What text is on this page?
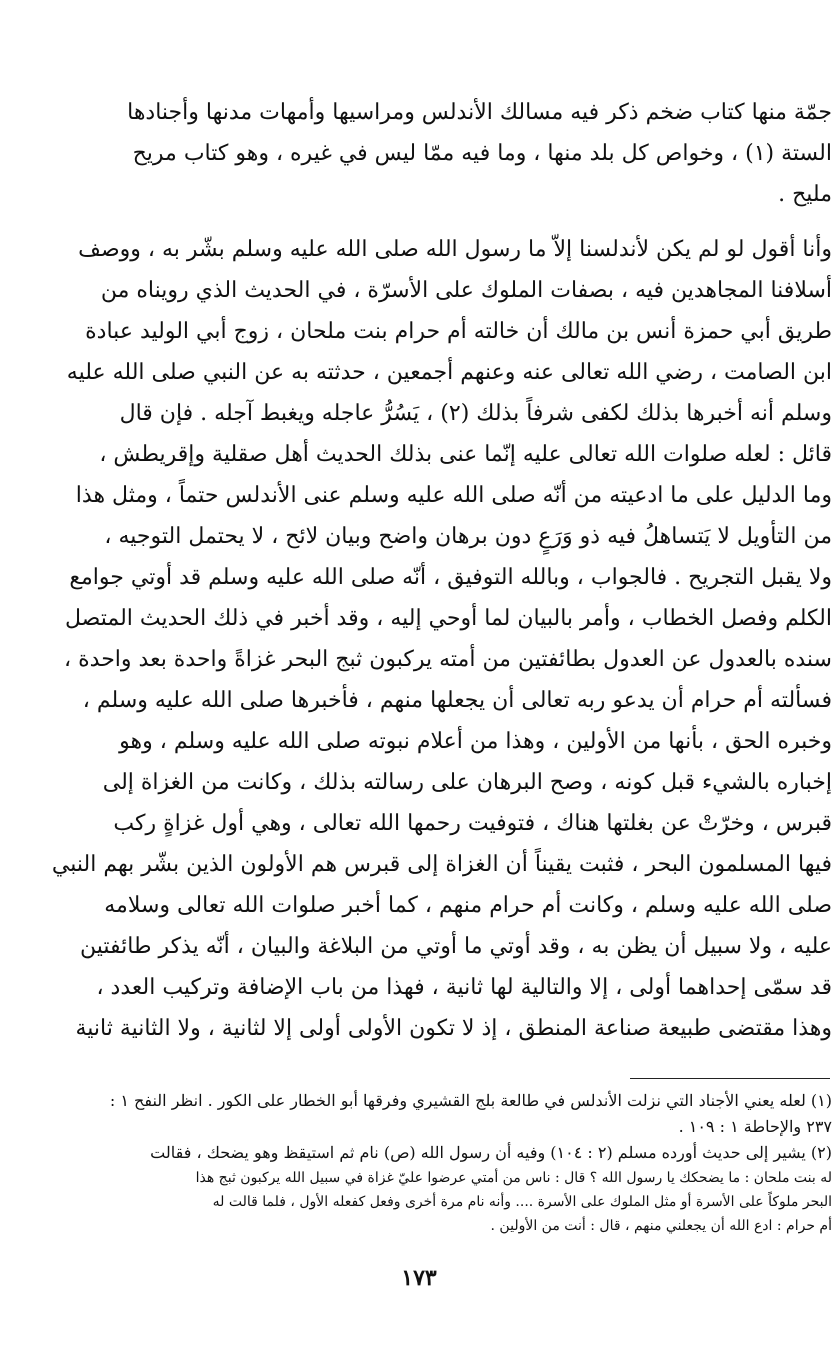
جمّة منها كتاب ضخم ذكر فيه مسالك الأندلس ومراسيها وأمهات مدنها وأجنادها
الستة (١) ، وخواص كل بلد منها ، وما فيه ممّا ليس في غيره ، وهو كتاب مريح
مليح .
وأنا أقول لو لم يكن لأندلسنا إلاّ ما رسول الله صلى الله عليه وسلم بشّر به ، ووصف
أسلافنا المجاهدين فيه ، بصفات الملوك على الأسرّة ، في الحديث الذي رويناه من
طريق أبي حمزة أنس بن مالك أن خالته أم حرام بنت ملحان ، زوج أبي الوليد عبادة
ابن الصامت ، رضي الله تعالى عنه وعنهم أجمعين ، حدثته به عن النبي صلى الله عليه
وسلم أنه أخبرها بذلك لكفى شرفاً بذلك (٢) ، يَسُرُّ عاجله ويغبط آجله . فإن قال
قائل : لعله صلوات الله تعالى عليه إنّما عنى بذلك الحديث أهل صقلية وإقريطش ،
وما الدليل على ما ادعيته من أنّه صلى الله عليه وسلم عنى الأندلس حتماً ، ومثل هذا
من التأويل لا يَتساهلُ فيه ذو وَرَعٍ دون برهان واضح وبيان لائح ، لا يحتمل التوجيه ،
ولا يقبل التجريح . فالجواب ، وبالله التوفيق ، أنّه صلى الله عليه وسلم قد أوتي جوامع
الكلم وفصل الخطاب ، وأمر بالبيان لما أوحي إليه ، وقد أخبر في ذلك الحديث المتصل
سنده بالعدول عن العدول بطائفتين من أمته يركبون ثبج البحر غزاةً واحدة بعد واحدة ،
فسألته أم حرام أن يدعو ربه تعالى أن يجعلها منهم ، فأخبرها صلى الله عليه وسلم ،
وخبره الحق ، بأنها من الأولين ، وهذا من أعلام نبوته صلى الله عليه وسلم ، وهو
إخباره بالشيء قبل كونه ، وصح البرهان على رسالته بذلك ، وكانت من الغزاة إلى
قبرس ، وخرّتْ عن بغلتها هناك ، فتوفيت رحمها الله تعالى ، وهي أول غزاةٍ ركب
فيها المسلمون البحر ، فثبت يقيناً أن الغزاة إلى قبرس هم الأولون الذين بشّر بهم النبي
صلى الله عليه وسلم ، وكانت أم حرام منهم ، كما أخبر صلوات الله تعالى وسلامه
عليه ، ولا سبيل أن يظن به ، وقد أوتي ما أوتي من البلاغة والبيان ، أنّه يذكر طائفتين
قد سمّى إحداهما أولى ، إلا والتالية لها ثانية ، فهذا من باب الإضافة وتركيب العدد ،
وهذا مقتضى طبيعة صناعة المنطق ، إذ لا تكون الأولى أولى إلا لثانية ، ولا الثانية ثانية
(١) لعله يعني الأجناد التي نزلت الأندلس في طالعة بلج القشيري وفرقها أبو الخطار على الكور . انظر النفح ١ :
٢٣٧ والإحاطة ١ : ١٠٩ .
(٢) يشير إلى حديث أورده مسلم (٢ : ١٠٤) وفيه أن رسول الله (ص) نام ثم استيقظ وهو يضحك ، فقالت
له بنت ملحان : ما يضحكك يا رسول الله ؟ قال : ناس من أمتي عرضوا عليّ غزاة في سبيل الله يركبون ثبج هذا
البحر ملوكاً على الأسرة أو مثل الملوك على الأسرة .... وأنه نام مرة أخرى وفعل كفعله الأول ، فلما قالت له
أم حرام : ادع الله أن يجعلني منهم ، قال : أنت من الأولين .
١٧٣
